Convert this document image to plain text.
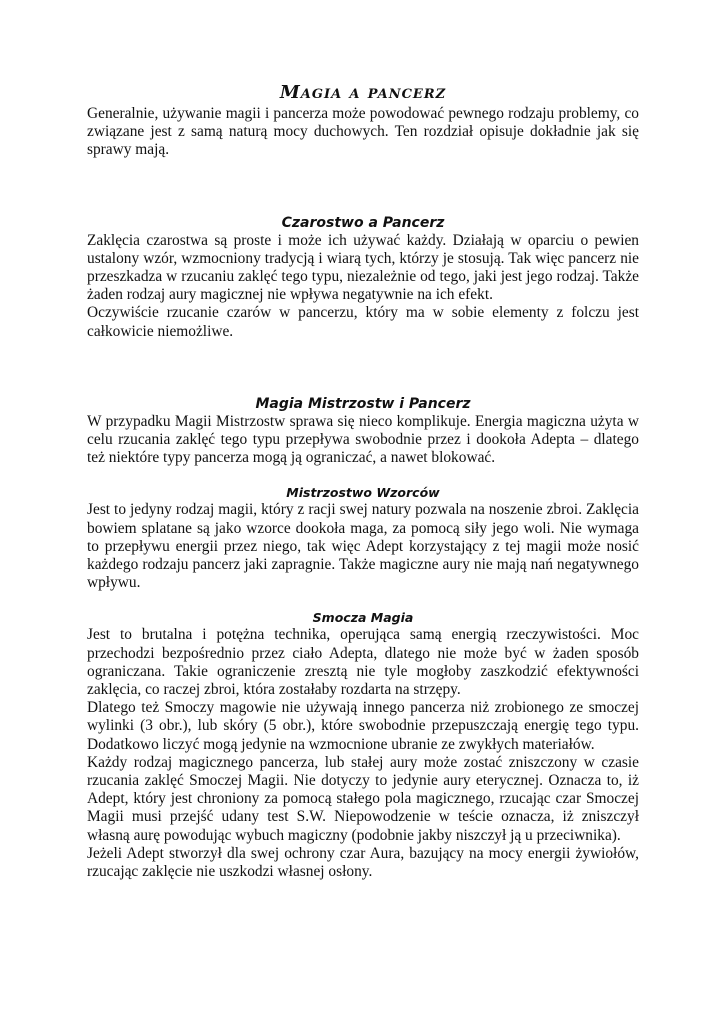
Magia a pancerz

Generalnie, używanie magii i pancerza może powodować pewnego rodzaju problemy, co związane jest z samą naturą mocy duchowych. Ten rozdział opisuje dokładnie jak się sprawy mają.

Czarostwo a Pancerz

Zaklęcia czarostwa są proste i może ich używać każdy. Działają w oparciu o pewien ustalony wzór, wzmocniony tradycją i wiarą tych, którzy je stosują. Tak więc pancerz nie przeszkadza w rzucaniu zaklęć tego typu, niezależnie od tego, jaki jest jego rodzaj. Także żaden rodzaj aury magicznej nie wpływa negatywnie na ich efekt.

Oczywiście rzucanie czarów w pancerzu, który ma w sobie elementy z folczu jest całkowicie niemożliwe.

Magia Mistrzostw i Pancerz

W przypadku Magii Mistrzostw sprawa się nieco komplikuje. Energia magiczna użyta w celu rzucania zaklęć tego typu przepływa swobodnie przez i dookoła Adepta – dlatego też niektóre typy pancerza mogą ją ograniczać, a nawet blokować.

Mistrzostwo Wzorców

Jest to jedyny rodzaj magii, który z racji swej natury pozwala na noszenie zbroi. Zaklęcia bowiem splatane są jako wzorce dookoła maga, za pomocą siły jego woli. Nie wymaga to przepływu energii przez niego, tak więc Adept korzystający z tej magii może nosić każdego rodzaju pancerz jaki zapragnie. Także magiczne aury nie mają nań negatywnego wpływu.

Smocza Magia

Jest to brutalna i potężna technika, operująca samą energią rzeczywistości. Moc przechodzi bezpośrednio przez ciało Adepta, dlatego nie może być w żaden sposób ograniczana. Takie ograniczenie zresztą nie tyle mogłoby zaszkodzić efektywności zaklęcia, co raczej zbroi, która zostałaby rozdarta na strzępy.

Dlatego też Smoczy magowie nie używają innego pancerza niż zrobionego ze smoczej wylinki (3 obr.), lub skóry (5 obr.), które swobodnie przepuszczają energię tego typu. Dodatkowo liczyć mogą jedynie na wzmocnione ubranie ze zwykłych materiałów.

Każdy rodzaj magicznego pancerza, lub stałej aury może zostać zniszczony w czasie rzucania zaklęć Smoczej Magii. Nie dotyczy to jedynie aury eterycznej. Oznacza to, iż Adept, który jest chroniony za pomocą stałego pola magicznego, rzucając czar Smoczej Magii musi przejść udany test S.W. Niepowodzenie w teście oznacza, iż zniszczył własną aurę powodując wybuch magiczny (podobnie jakby niszczył ją u przeciwnika).

Jeżeli Adept stworzył dla swej ochrony czar Aura, bazujący na mocy energii żywiołów, rzucając zaklęcie nie uszkodzi własnej osłony.
